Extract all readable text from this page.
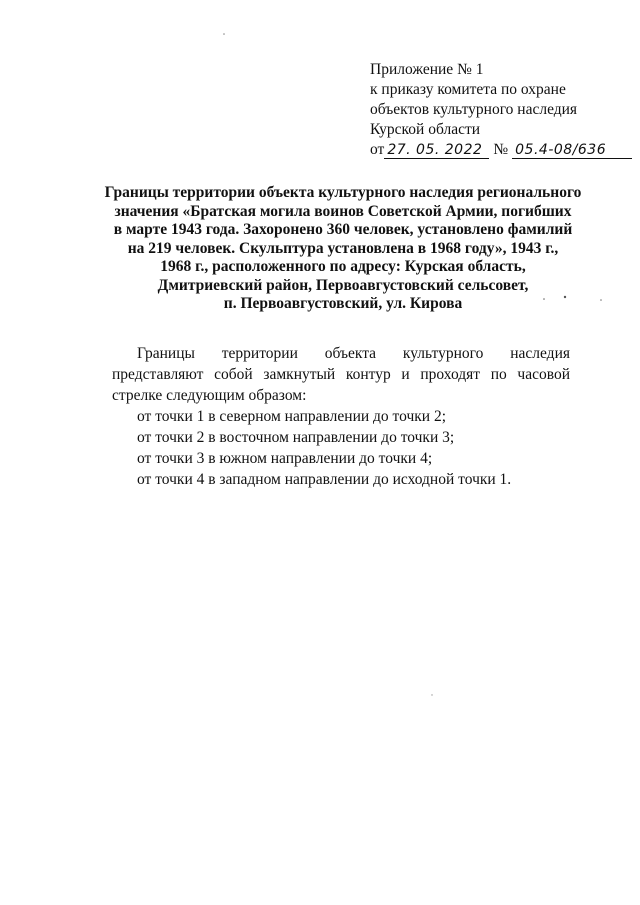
Приложение № 1
к приказу комитета по охране
объектов культурного наследия
Курской области
от 27. 05. 2022 № 05.4-08/636
Границы территории объекта культурного наследия регионального
значения «Братская могила воинов Советской Армии, погибших
в марте 1943 года. Захоронено 360 человек, установлено фамилий
на 219 человек. Скульптура установлена в 1968 году», 1943 г.,
1968 г., расположенного по адресу: Курская область,
Дмитриевский район, Первоавгустовский сельсовет,
п. Первоавгустовский, ул. Кирова

Границы территории объекта культурного наследия представляют собой замкнутый контур и проходят по часовой стрелке следующим образом:

от точки 1 в северном направлении до точки 2;
от точки 2 в восточном направлении до точки 3;
от точки 3 в южном направлении до точки 4;
от точки 4 в западном направлении до исходной точки 1.
